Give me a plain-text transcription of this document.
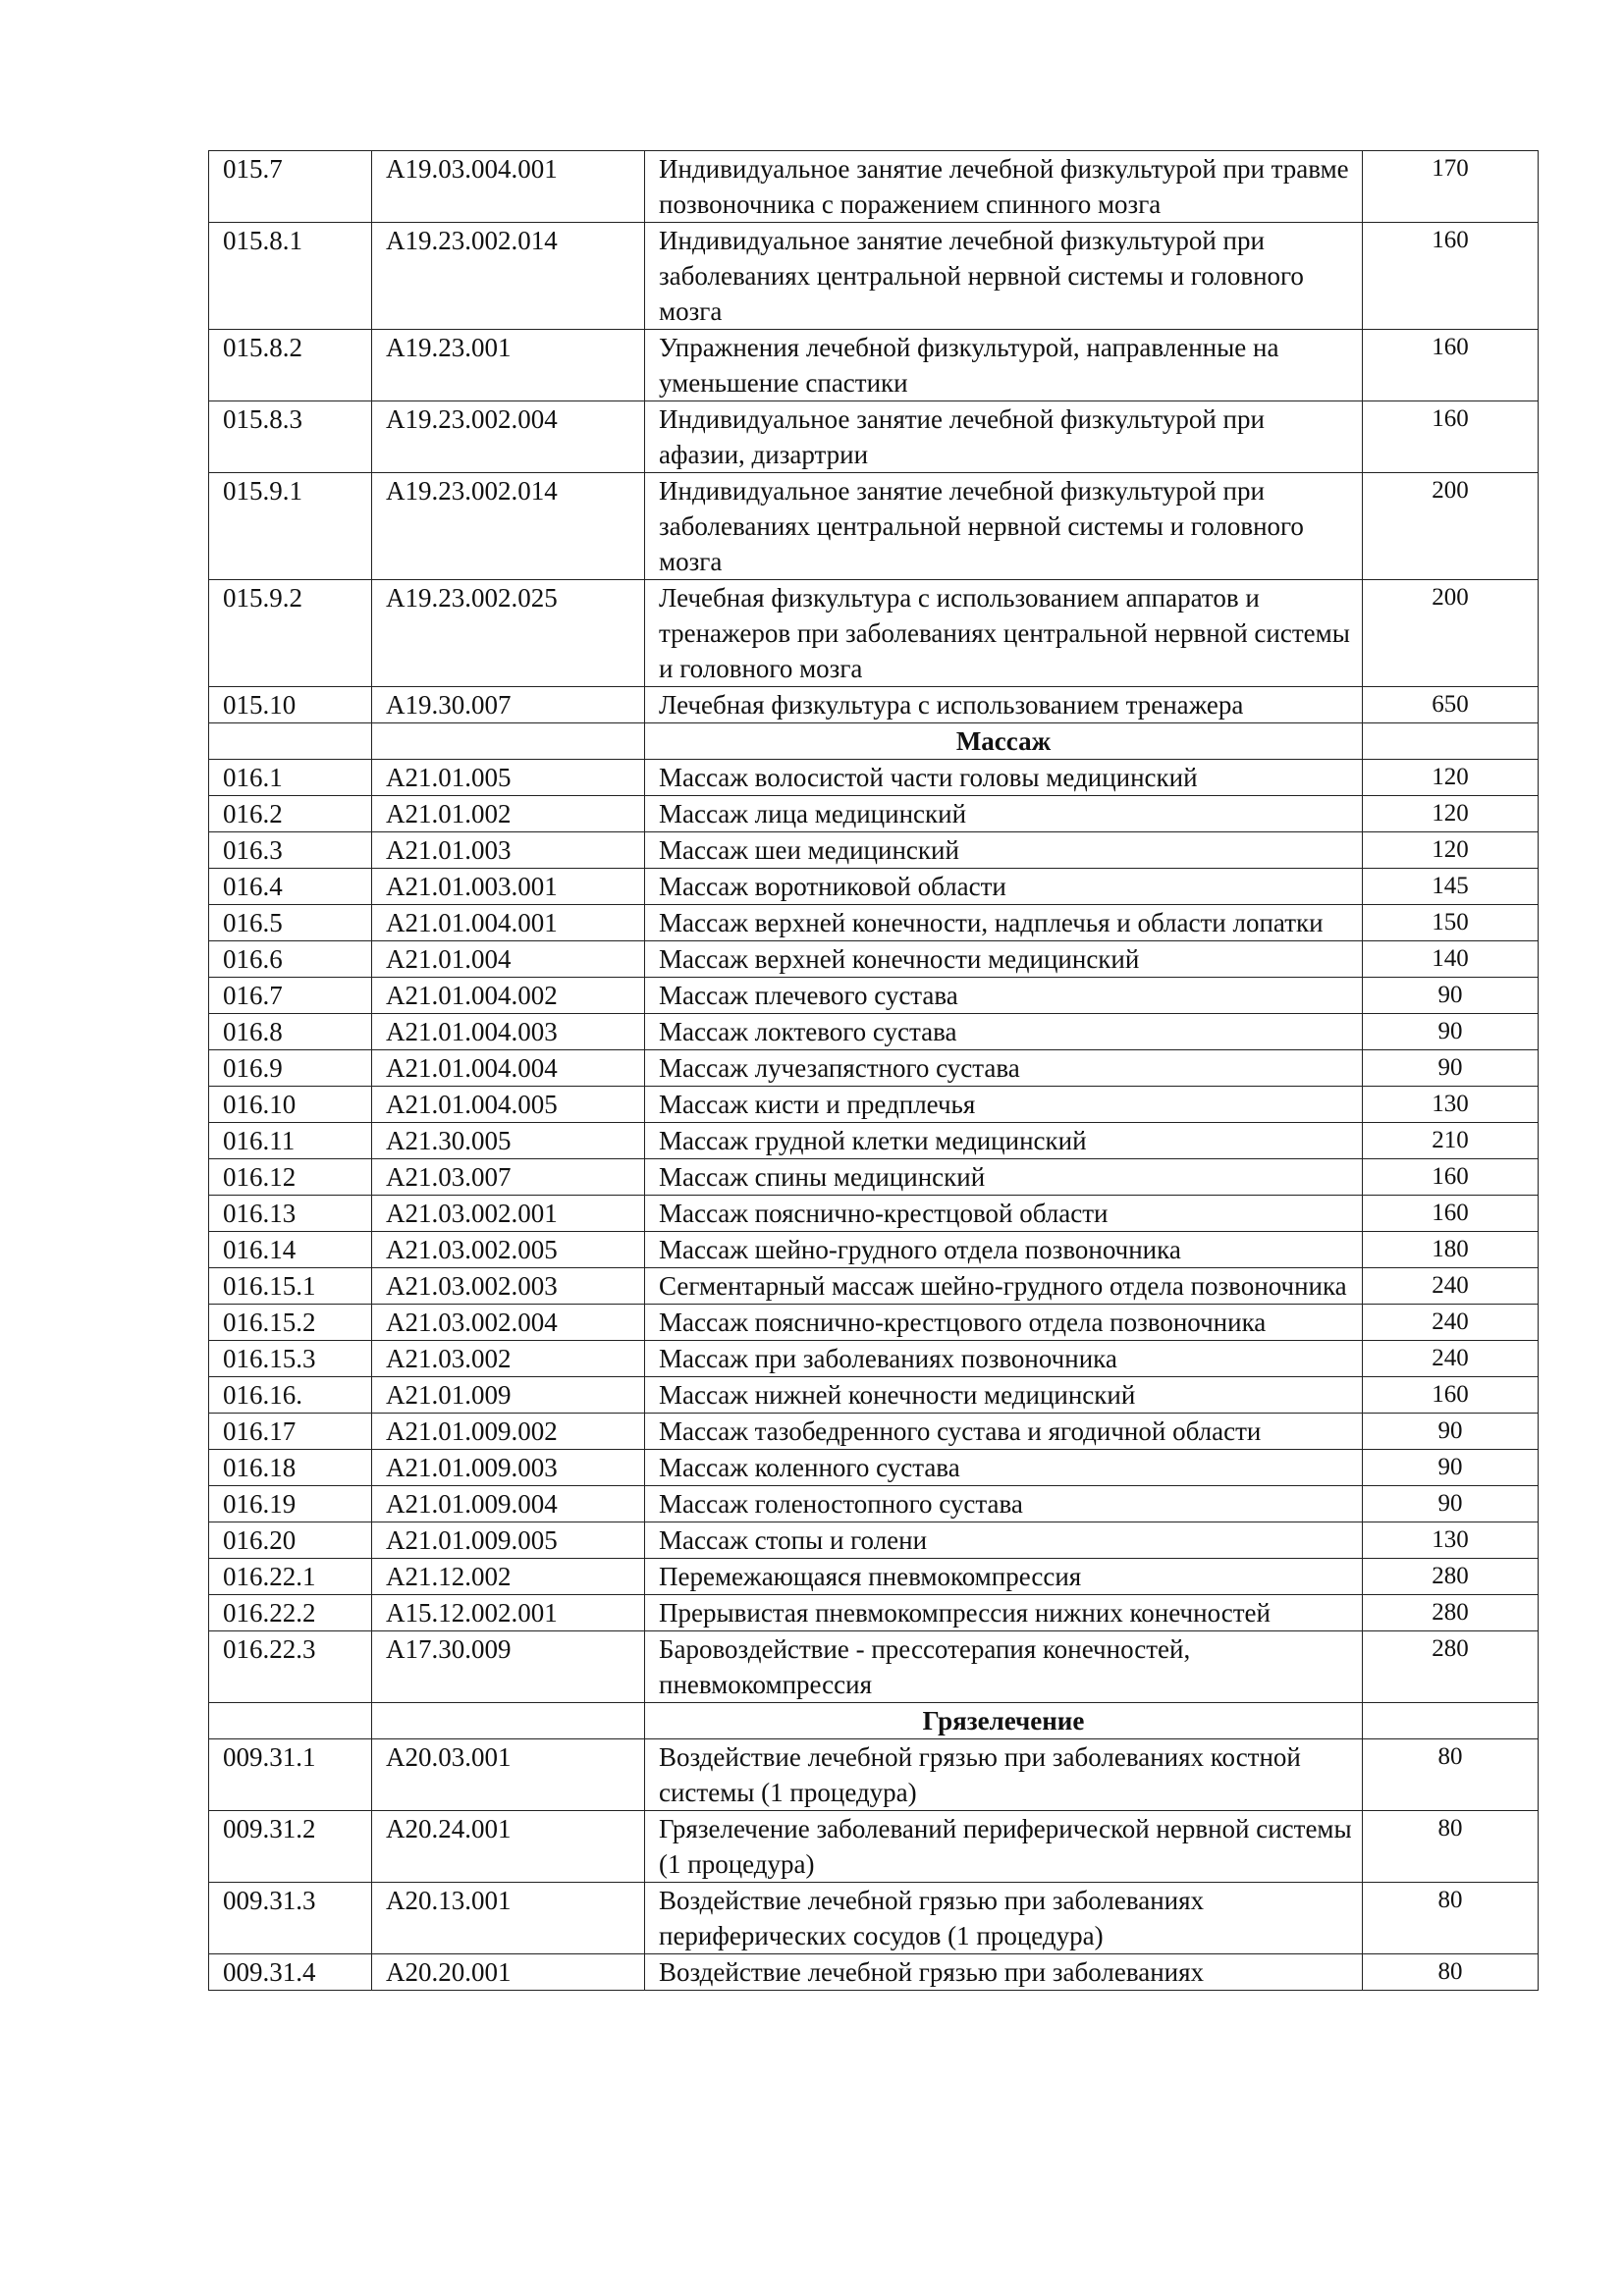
015.7	А19.03.004.001	Индивидуальное занятие лечебной физкультурой при травме позвоночника с поражением спинного мозга	170
015.8.1	А19.23.002.014	Индивидуальное занятие лечебной физкультурой при заболеваниях центральной нервной системы и головного мозга	160
015.8.2	А19.23.001	Упражнения лечебной физкультурой, направленные на уменьшение спастики	160
015.8.3	А19.23.002.004	Индивидуальное занятие лечебной физкультурой при афазии, дизартрии	160
015.9.1	А19.23.002.014	Индивидуальное занятие лечебной физкультурой при заболеваниях центральной нервной системы и головного мозга	200
015.9.2	А19.23.002.025	Лечебная физкультура с использованием аппаратов и тренажеров при заболеваниях центральной нервной системы и головного мозга	200
015.10	А19.30.007	Лечебная физкультура с использованием тренажера	650
		Массаж	
016.1	А21.01.005	Массаж волосистой части головы медицинский	120
016.2	А21.01.002	Массаж лица медицинский	120
016.3	А21.01.003	Массаж шеи медицинский	120
016.4	А21.01.003.001	Массаж воротниковой области	145
016.5	А21.01.004.001	Массаж верхней конечности, надплечья и области лопатки	150
016.6	А21.01.004	Массаж верхней конечности медицинский	140
016.7	А21.01.004.002	Массаж плечевого сустава	90
016.8	А21.01.004.003	Массаж локтевого сустава	90
016.9	А21.01.004.004	Массаж лучезапястного сустава	90
016.10	А21.01.004.005	Массаж кисти и предплечья	130
016.11	А21.30.005	Массаж грудной клетки медицинский	210
016.12	А21.03.007	Массаж спины медицинский	160
016.13	А21.03.002.001	Массаж пояснично-крестцовой области	160
016.14	А21.03.002.005	Массаж шейно-грудного отдела позвоночника	180
016.15.1	А21.03.002.003	Сегментарный массаж шейно-грудного отдела позвоночника	240
016.15.2	А21.03.002.004	Массаж пояснично-крестцового отдела позвоночника	240
016.15.3	А21.03.002	Массаж при заболеваниях позвоночника	240
016.16.	А21.01.009	Массаж нижней конечности медицинский	160
016.17	А21.01.009.002	Массаж тазобедренного сустава и ягодичной области	90
016.18	А21.01.009.003	Массаж коленного сустава	90
016.19	А21.01.009.004	Массаж голеностопного сустава	90
016.20	А21.01.009.005	Массаж стопы и голени	130
016.22.1	А21.12.002	Перемежающаяся пневмокомпрессия	280
016.22.2	А15.12.002.001	Прерывистая пневмокомпрессия нижних конечностей	280
016.22.3	А17.30.009	Баровоздействие - прессотерапия конечностей, пневмокомпрессия	280
		Грязелечение	
009.31.1	А20.03.001	Воздействие лечебной грязью при заболеваниях костной системы (1 процедура)	80
009.31.2	А20.24.001	Грязелечение заболеваний периферической нервной системы (1 процедура)	80
009.31.3	А20.13.001	Воздействие лечебной грязью при заболеваниях периферических сосудов (1 процедура)	80
009.31.4	А20.20.001	Воздействие лечебной грязью при заболеваниях	80
